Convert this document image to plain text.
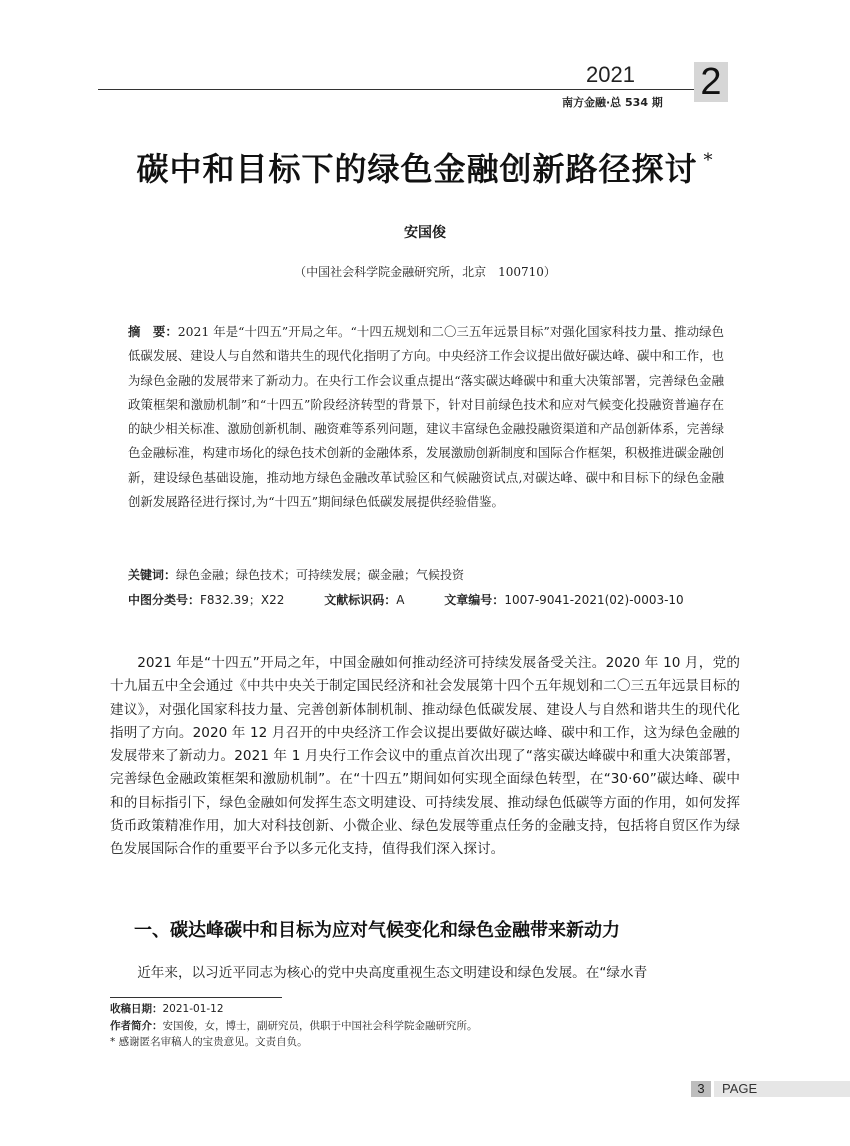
2021 2
南方金融·总 534 期
碳中和目标下的绿色金融创新路径探讨 *
安国俊
（中国社会科学院金融研究所，北京　100710）
摘　要：2021 年是“十四五”开局之年。“十四五规划和二〇三五年远景目标”对强化国家科技力量、推动绿色低碳发展、建设人与自然和谐共生的现代化指明了方向。中央经济工作会议提出做好碳达峰、碳中和工作，也为绿色金融的发展带来了新动力。在央行工作会议重点提出“落实碳达峰碳中和重大决策部署，完善绿色金融政策框架和激励机制”和“十四五”阶段经济转型的背景下，针对目前绿色技术和应对气候变化投融资普遍存在的缺少相关标准、激励创新机制、融资难等系列问题，建议丰富绿色金融投融资渠道和产品创新体系，完善绿色金融标准，构建市场化的绿色技术创新的金融体系，发展激励创新制度和国际合作框架，积极推进碳金融创新，建设绿色基础设施，推动地方绿色金融改革试验区和气候融资试点,对碳达峰、碳中和目标下的绿色金融创新发展路径进行探讨,为“十四五”期间绿色低碳发展提供经验借鉴。
关键词：绿色金融；绿色技术；可持续发展；碳金融；气候投资
中图分类号：F832.39；X22	文献标识码：A	文章编号：1007-9041-2021(02)-0003-10
2021 年是“十四五”开局之年，中国金融如何推动经济可持续发展备受关注。2020 年 10 月，党的十九届五中全会通过《中共中央关于制定国民经济和社会发展第十四个五年规划和二〇三五年远景目标的建议》，对强化国家科技力量、完善创新体制机制、推动绿色低碳发展、建设人与自然和谐共生的现代化指明了方向。2020 年 12 月召开的中央经济工作会议提出要做好碳达峰、碳中和工作，这为绿色金融的发展带来了新动力。2021 年 1 月央行工作会议中的重点首次出现了“落实碳达峰碳中和重大决策部署，完善绿色金融政策框架和激励机制”。在“十四五”期间如何实现全面绿色转型，在“30·60”碳达峰、碳中和的目标指引下，绿色金融如何发挥生态文明建设、可持续发展、推动绿色低碳等方面的作用，如何发挥货币政策精准作用，加大对科技创新、小微企业、绿色发展等重点任务的金融支持，包括将自贸区作为绿色发展国际合作的重要平台予以多元化支持，值得我们深入探讨。
一、碳达峰碳中和目标为应对气候变化和绿色金融带来新动力
近年来，以习近平同志为核心的党中央高度重视生态文明建设和绿色发展。在“绿水青
收稿日期：2021-01-12
作者简介：安国俊，女，博士，副研究员，供职于中国社会科学院金融研究所。
* 感谢匿名审稿人的宝贵意见。文责自负。
3	PAGE
